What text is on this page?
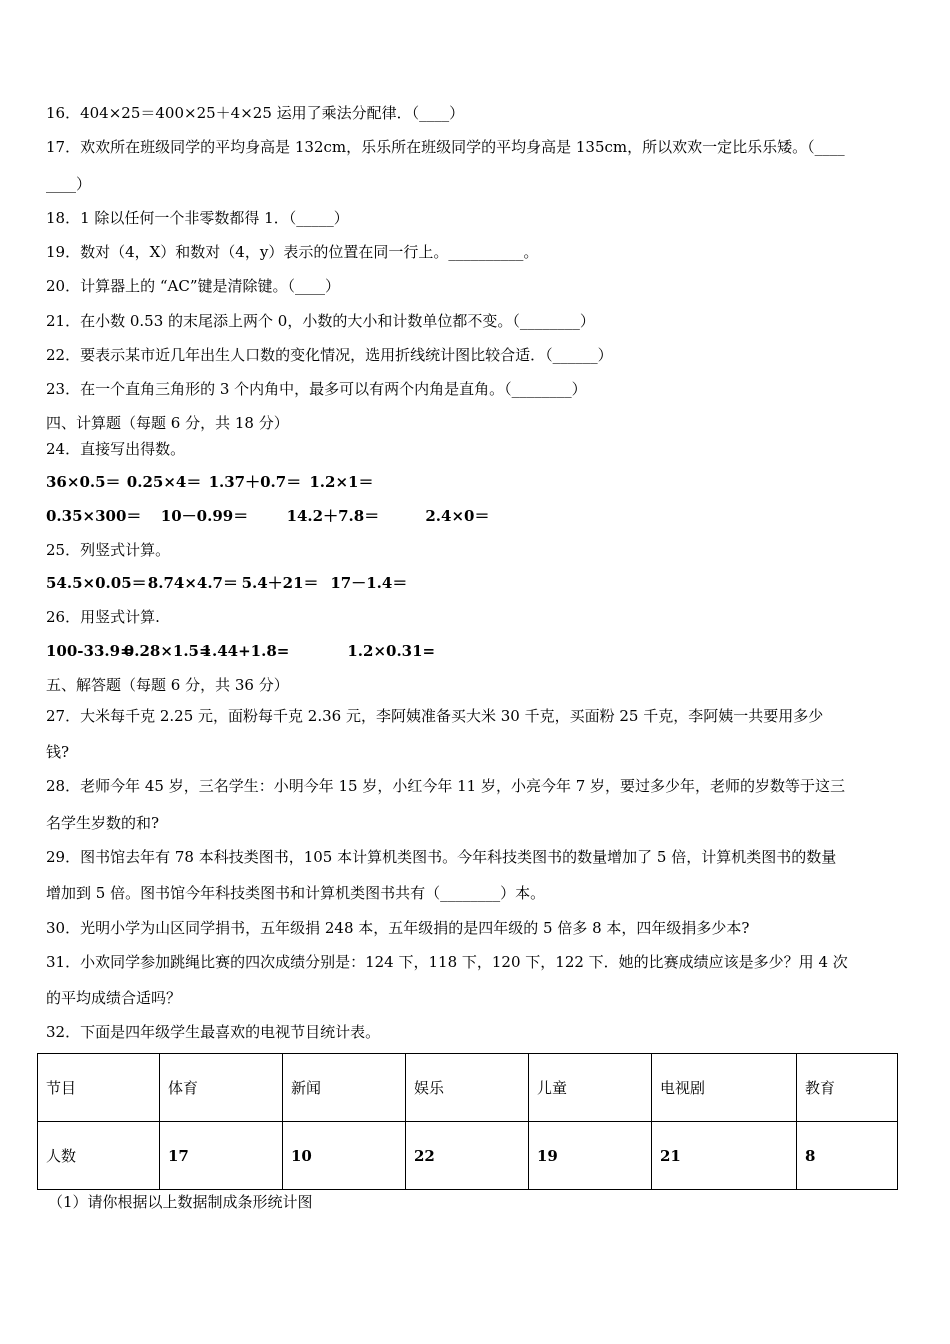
16．404×25＝400×25＋4×25 运用了乘法分配律．（____）
17．欢欢所在班级同学的平均身高是 132cm，乐乐所在班级同学的平均身高是 135cm，所以欢欢一定比乐乐矮。（____
____）
18．1 除以任何一个非零数都得 1．（_____）
19．数对（4，X）和数对（4，y）表示的位置在同一行上。__________。
20．计算器上的 “AC”键是清除键。（____）
21．在小数 0.53 的末尾添上两个 0，小数的大小和计数单位都不变。（________）
22．要表示某市近几年出生人口数的变化情况，选用折线统计图比较合适．（______）
23．在一个直角三角形的 3 个内角中，最多可以有两个内角是直角。（________）
四、计算题（每题 6 分，共 18 分）
24．直接写出得数。
36×0.5＝ 0.25×4＝ 1.37＋0.7＝ 1.2×1＝
0.35×300＝ 10－0.99＝	14.2＋7.8＝	2.4×0＝
25．列竖式计算。
54.5×0.05＝ 8.74×4.7＝ 5.4＋21＝ 17－1.4＝
26．用竖式计算.
100-33.9= 0.28×1.5= 1.44+1.8=	1.2×0.31=
五、解答题（每题 6 分，共 36 分）
27．大米每千克 2.25 元，面粉每千克 2.36 元，李阿姨准备买大米 30 千克，买面粉 25 千克，李阿姨一共要用多少
钱?
28．老师今年 45 岁，三名学生：小明今年 15 岁，小红今年 11 岁，小亮今年 7 岁，要过多少年，老师的岁数等于这三
名学生岁数的和?
29．图书馆去年有 78 本科技类图书，105 本计算机类图书。今年科技类图书的数量增加了 5 倍，计算机类图书的数量
增加到 5 倍。图书馆今年科技类图书和计算机类图书共有（________）本。
30．光明小学为山区同学捐书，五年级捐 248 本，五年级捐的是四年级的 5 倍多 8 本，四年级捐多少本?
31．小欢同学参加跳绳比赛的四次成绩分别是：124 下，118 下，120 下，122 下．她的比赛成绩应该是多少？用 4 次
的平均成绩合适吗？
32．下面是四年级学生最喜欢的电视节目统计表。
节目	体育	新闻	娱乐	儿童	电视剧	教育
人数	17	10	22	19	21	8
（1）请你根据以上数据制成条形统计图
